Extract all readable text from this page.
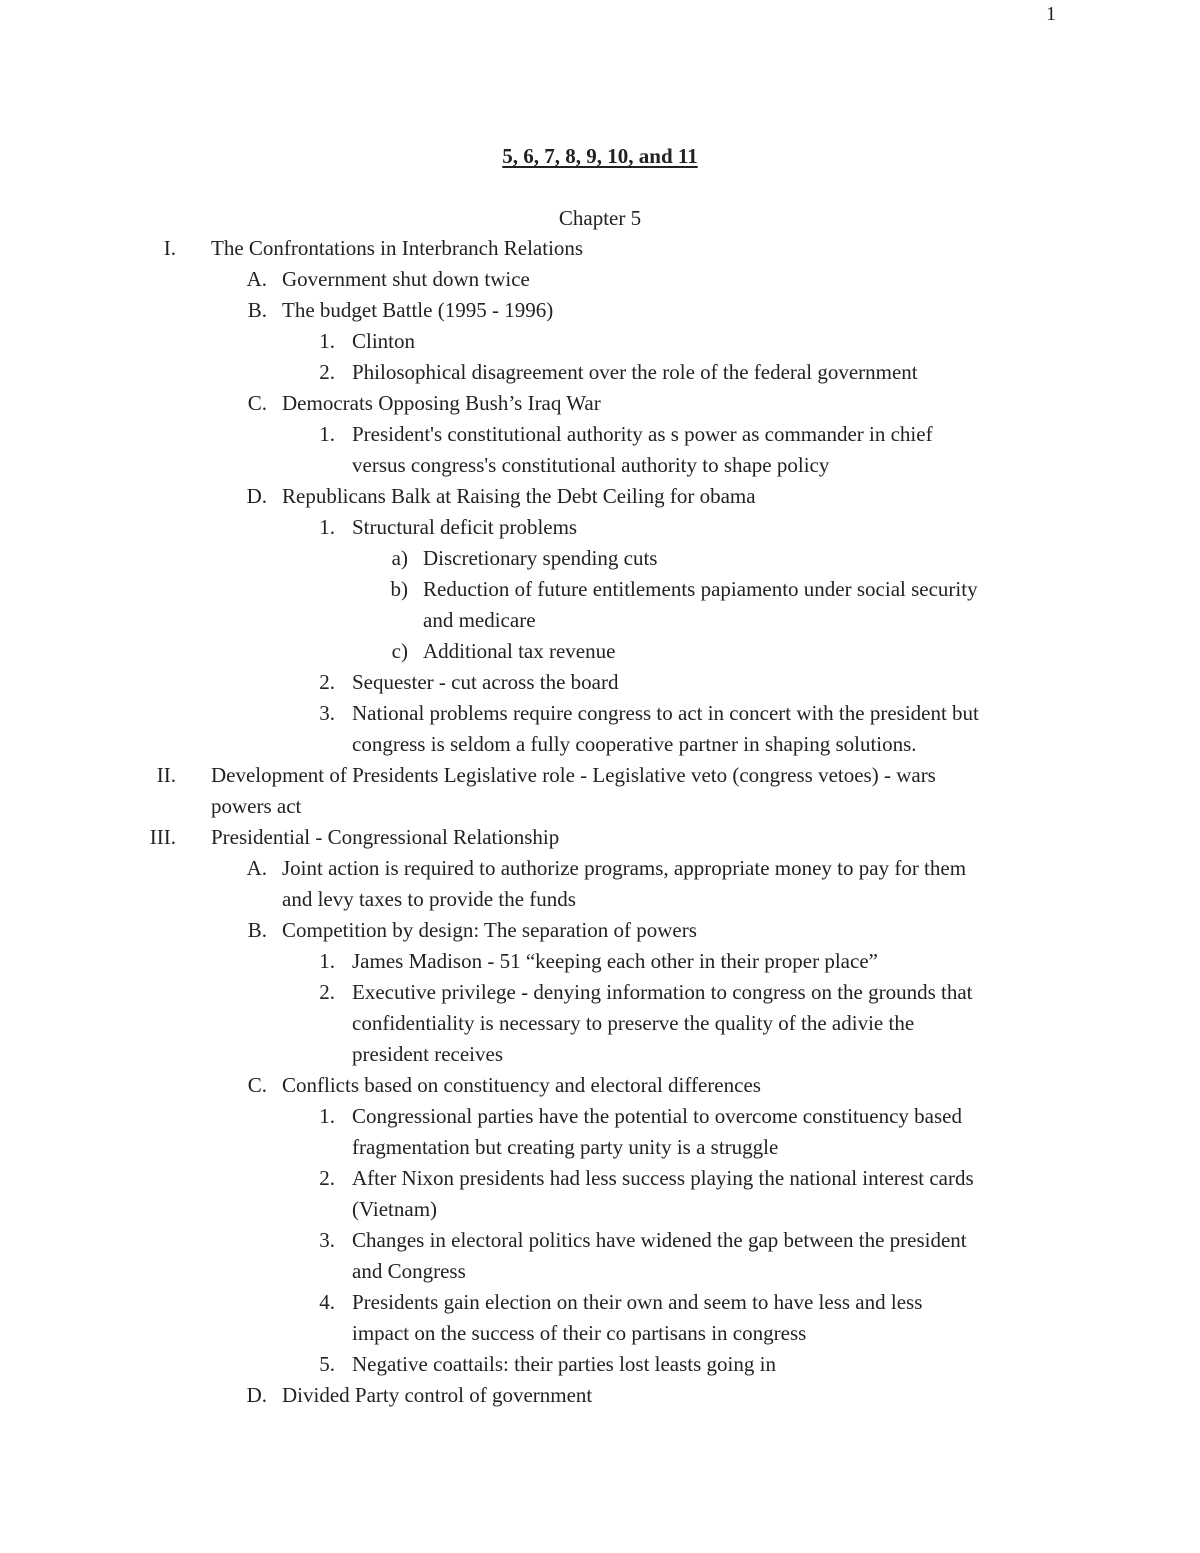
1
5, 6, 7, 8, 9, 10, and 11
Chapter 5
I. The Confrontations in Interbranch Relations
A. Government shut down twice
B. The budget Battle (1995 - 1996)
1. Clinton
2. Philosophical disagreement over the role of the federal government
C. Democrats Opposing Bush’s Iraq War
1. President's constitutional authority as s power as commander in chief
versus congress's constitutional authority to shape policy
D. Republicans Balk at Raising the Debt Ceiling for obama
1. Structural deficit problems
a) Discretionary spending cuts
b) Reduction of future entitlements papiamento under social security
and medicare
c) Additional tax revenue
2. Sequester - cut across the board
3. National problems require congress to act in concert with the president but
congress is seldom a fully cooperative partner in shaping solutions.
II. Development of Presidents Legislative role - Legislative veto (congress vetoes) - wars
powers act
III. Presidential - Congressional Relationship
A. Joint action is required to authorize programs, appropriate money to pay for them
and levy taxes to provide the funds
B. Competition by design: The separation of powers
1. James Madison - 51 “keeping each other in their proper place”
2. Executive privilege - denying information to congress on the grounds that
confidentiality is necessary to preserve the quality of the adivie the
president receives
C. Conflicts based on constituency and electoral differences
1. Congressional parties have the potential to overcome constituency based
fragmentation but creating party unity is a struggle
2. After Nixon presidents had less success playing the national interest cards
(Vietnam)
3. Changes in electoral politics have widened the gap between the president
and Congress
4. Presidents gain election on their own and seem to have less and less
impact on the success of their co partisans in congress
5. Negative coattails: their parties lost leasts going in
D. Divided Party control of government
